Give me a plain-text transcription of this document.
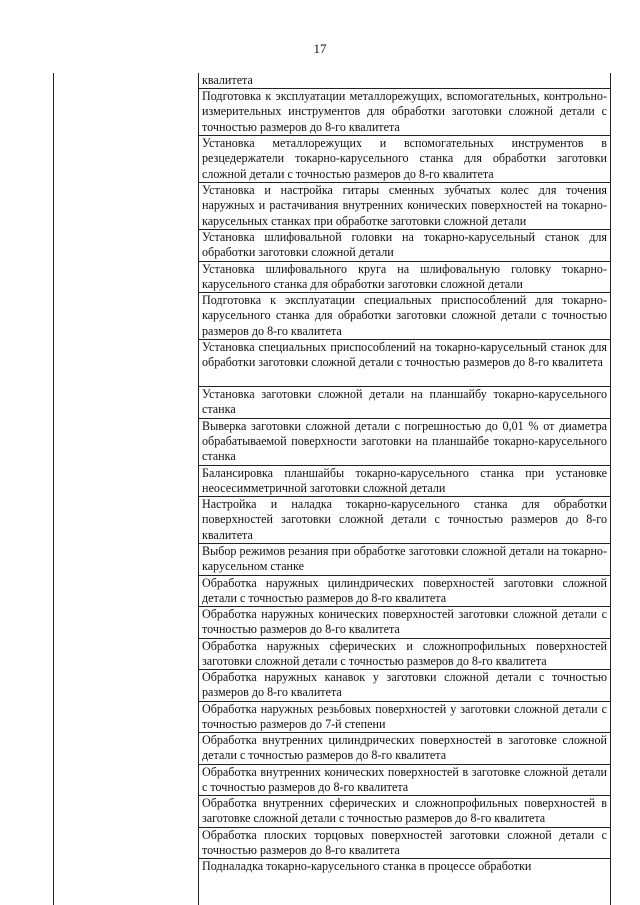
17
квалитета
Подготовка к эксплуатации металлорежущих, вспомогательных, контрольно-измерительных инструментов для обработки заготовки сложной детали с точностью размеров до 8-го квалитета
Установка металлорежущих и вспомогательных инструментов в резцедержатели токарно-карусельного станка для обработки заготовки сложной детали с точностью размеров до 8-го квалитета
Установка и настройка гитары сменных зубчатых колес для точения наружных и растачивания внутренних конических поверхностей на токарно-карусельных станках при обработке заготовки сложной детали
Установка шлифовальной головки на токарно-карусельный станок для обработки заготовки сложной детали
Установка шлифовального круга на шлифовальную головку токарно-карусельного станка для обработки заготовки сложной детали
Подготовка к эксплуатации специальных приспособлений для токарно-карусельного станка для обработки заготовки сложной детали с точностью размеров до 8-го квалитета
Установка специальных приспособлений на токарно-карусельный станок для обработки заготовки сложной детали с точностью размеров до 8-го квалитета
Установка заготовки сложной детали на планшайбу токарно-карусельного станка
Выверка заготовки сложной детали с погрешностью до 0,01 % от диаметра обрабатываемой поверхности заготовки на планшайбе токарно-карусельного станка
Балансировка планшайбы токарно-карусельного станка при установке неосесимметричной заготовки сложной детали
Настройка и наладка токарно-карусельного станка для обработки поверхностей заготовки сложной детали с точностью размеров до 8-го квалитета
Выбор режимов резания при обработке заготовки сложной детали на токарно-карусельном станке
Обработка наружных цилиндрических поверхностей заготовки сложной детали с точностью размеров до 8-го квалитета
Обработка наружных конических поверхностей заготовки сложной детали с точностью размеров до 8-го квалитета
Обработка наружных сферических и сложнопрофильных поверхностей заготовки сложной детали с точностью размеров до 8-го квалитета
Обработка наружных канавок у заготовки сложной детали с точностью размеров до 8-го квалитета
Обработка наружных резьбовых поверхностей у заготовки сложной детали с точностью размеров до 7-й степени
Обработка внутренних цилиндрических поверхностей в заготовке сложной детали с точностью размеров до 8-го квалитета
Обработка внутренних конических поверхностей в заготовке сложной детали с точностью размеров до 8-го квалитета
Обработка внутренних сферических и сложнопрофильных поверхностей в заготовке сложной детали с точностью размеров до 8-го квалитета
Обработка плоских торцовых поверхностей заготовки сложной детали с точностью размеров до 8-го квалитета
Подналадка токарно-карусельного станка в процессе обработки
